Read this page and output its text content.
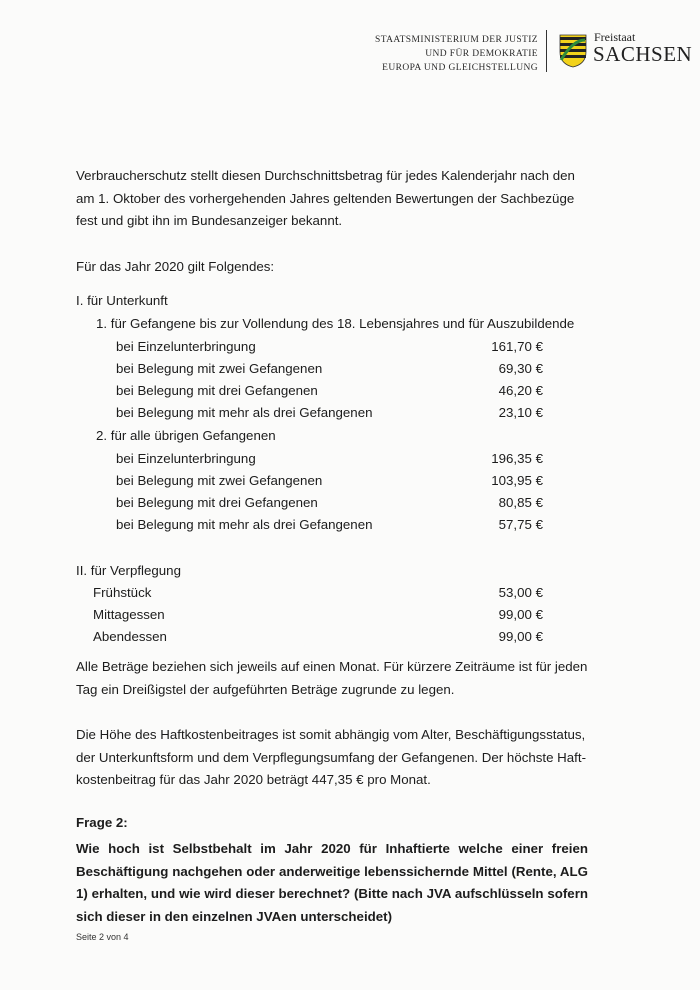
STAATSMINISTERIUM DER JUSTIZ
UND FÜR DEMOKRATIE
EUROPA UND GLEICHSTELLUNG
Freistaat
SACHSEN
Verbraucherschutz stellt diesen Durchschnittsbetrag für jedes Kalenderjahr nach den
am 1. Oktober des vorhergehenden Jahres geltenden Bewertungen der Sachbezüge
fest und gibt ihn im Bundesanzeiger bekannt.
Für das Jahr 2020 gilt Folgendes:
I. für Unterkunft
1. für Gefangene bis zur Vollendung des 18. Lebensjahres und für Auszubildende
bei Einzelunterbringung	161,70 €
bei Belegung mit zwei Gefangenen	69,30 €
bei Belegung mit drei Gefangenen	46,20 €
bei Belegung mit mehr als drei Gefangenen	23,10 €
2. für alle übrigen Gefangenen
bei Einzelunterbringung	196,35 €
bei Belegung mit zwei Gefangenen	103,95 €
bei Belegung mit drei Gefangenen	80,85 €
bei Belegung mit mehr als drei Gefangenen	57,75 €
II. für Verpflegung
Frühstück	53,00 €
Mittagessen	99,00 €
Abendessen	99,00 €
Alle Beträge beziehen sich jeweils auf einen Monat. Für kürzere Zeiträume ist für jeden
Tag ein Dreißigstel der aufgeführten Beträge zugrunde zu legen.
Die Höhe des Haftkostenbeitrages ist somit abhängig vom Alter, Beschäftigungsstatus,
der Unterkunftsform und dem Verpflegungsumfang der Gefangenen. Der höchste Haft-
kostenbeitrag für das Jahr 2020 beträgt 447,35 € pro Monat.
Frage 2:
Wie hoch ist Selbstbehalt im Jahr 2020 für Inhaftierte welche einer freien Beschäftigung nachgehen oder anderweitige lebenssichernde Mittel (Rente, ALG 1) erhalten, und wie wird dieser berechnet? (Bitte nach JVA aufschlüsseln sofern sich dieser in den einzelnen JVAen unterscheidet)
Seite 2 von 4
